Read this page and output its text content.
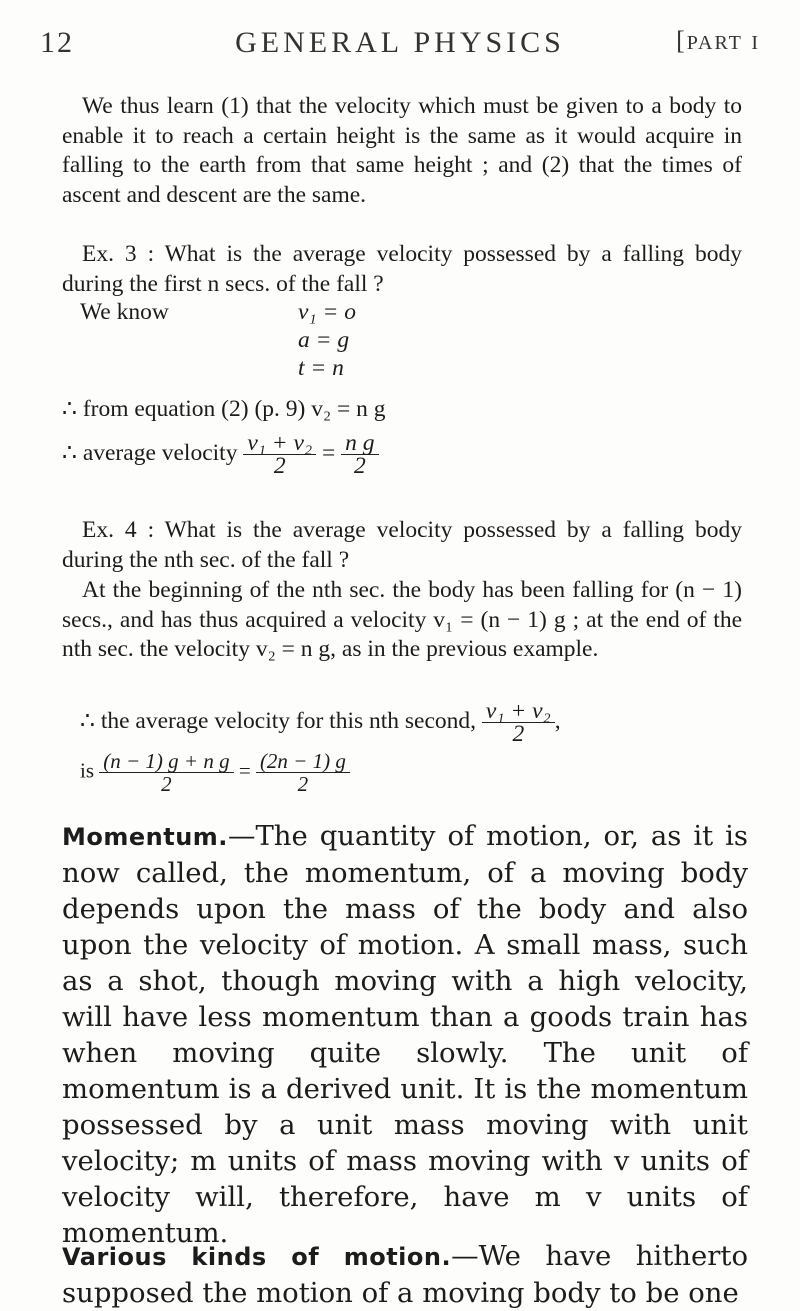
12	GENERAL PHYSICS	[PART I
We thus learn (1) that the velocity which must be given to a body to enable it to reach a certain height is the same as it would acquire in falling to the earth from that same height ; and (2) that the times of ascent and descent are the same.
Ex. 3 : What is the average velocity possessed by a falling body during the first n secs. of the fall ?
We know	v₁ = o
a = g
t = n
∴ from equation (2) (p. 9) v₂ = n g
∴ average velocity $\frac{\text{v₁ + v₂}}{2} = \frac{\text{n g}}{2}$
Ex. 4 : What is the average velocity possessed by a falling body during the nth sec. of the fall ?
At the beginning of the nth sec. the body has been falling for (n − 1) secs., and has thus acquired a velocity v₁ = (n − 1) g ; at the end of the nth sec. the velocity v₂ = n g, as in the previous example.
∴ the average velocity for this nth second, $\frac{\text{v₁ + v₂}}{2}$ ,
is $\frac{\text{(n − 1) g + n g}}{2} = \frac{(2n - 1) g}{2}$
Momentum.—The quantity of motion, or, as it is now called, the momentum, of a moving body depends upon the mass of the body and also upon the velocity of motion. A small mass, such as a shot, though moving with a high velocity, will have less momentum than a goods train has when moving quite slowly. The unit of momentum is a derived unit. It is the momentum possessed by a unit mass moving with unit velocity; m units of mass moving with v units of velocity will, therefore, have m v units of momentum.
Various kinds of motion.—We have hitherto supposed the motion of a moving body to be one
